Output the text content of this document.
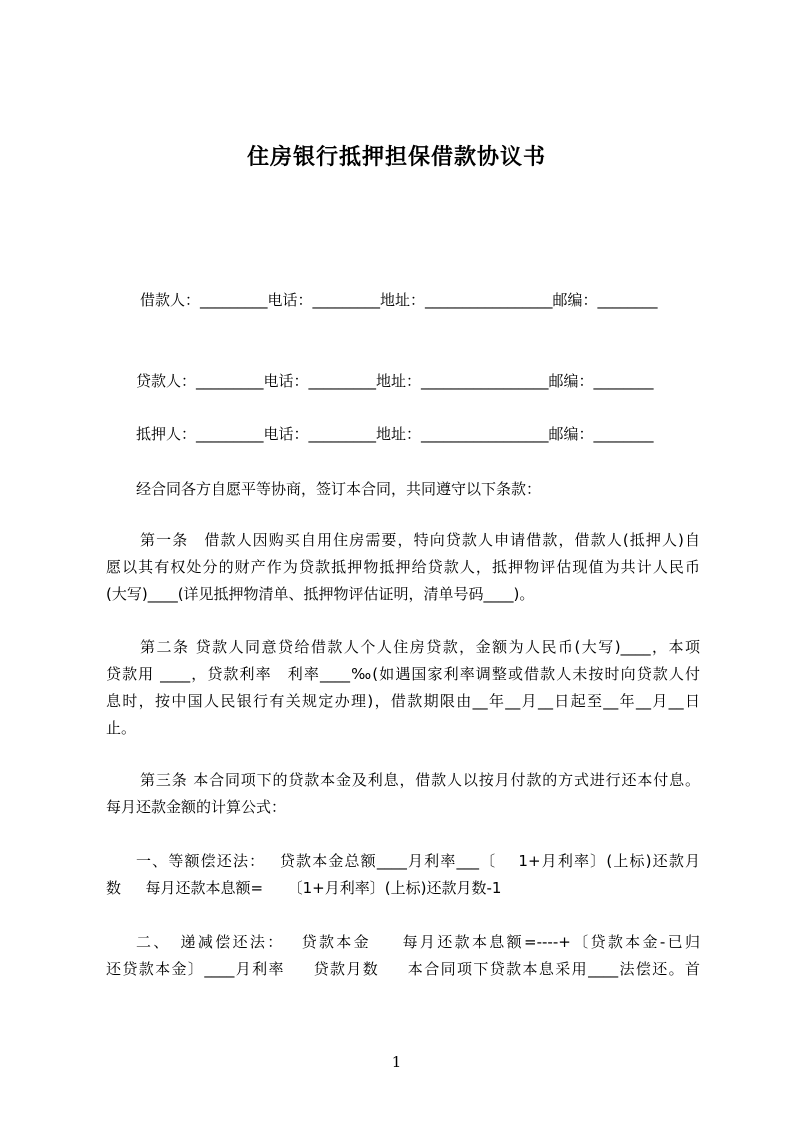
住房银行抵押担保借款协议书

借款人：_________电话：_________地址：_________________邮编：________

贷款人：_________电话：_________地址：_________________邮编：________

抵押人：_________电话：_________地址：_________________邮编：________

经合同各方自愿平等协商，签订本合同，共同遵守以下条款：

第一条　借款人因购买自用住房需要，特向贷款人申请借款，借款人(抵押人)自

愿以其有权处分的财产作为贷款抵押物抵押给贷款人，抵押物评估现值为共计人民币

(大写)____(详见抵押物清单、抵押物评估证明，清单号码____)。

第二条 贷款人同意贷给借款人个人住房贷款，金额为人民币(大写)____，本项

贷款用 ____，贷款利率　利率____‰(如遇国家利率调整或借款人未按时向贷款人付

息时，按中国人民银行有关规定办理)，借款期限由__年__月__日起至__年__月__日

止。

第三条 本合同项下的贷款本金及利息，借款人以按月付款的方式进行还本付息。

每月还款金额的计算公式：

一、等额偿还法：　 贷款本金总额____月利率___〔　 1+月利率〕(上标)还款月

数　  每月还款本息额=　  〔1+月利率〕(上标)还款月数-1

二、　递减偿还法：　 贷款本金　  每月还款本息额=----+〔贷款本金-已归

还贷款本金〕____月利率　  贷款月数　  本合同项下贷款本息采用____法偿还。首

1
